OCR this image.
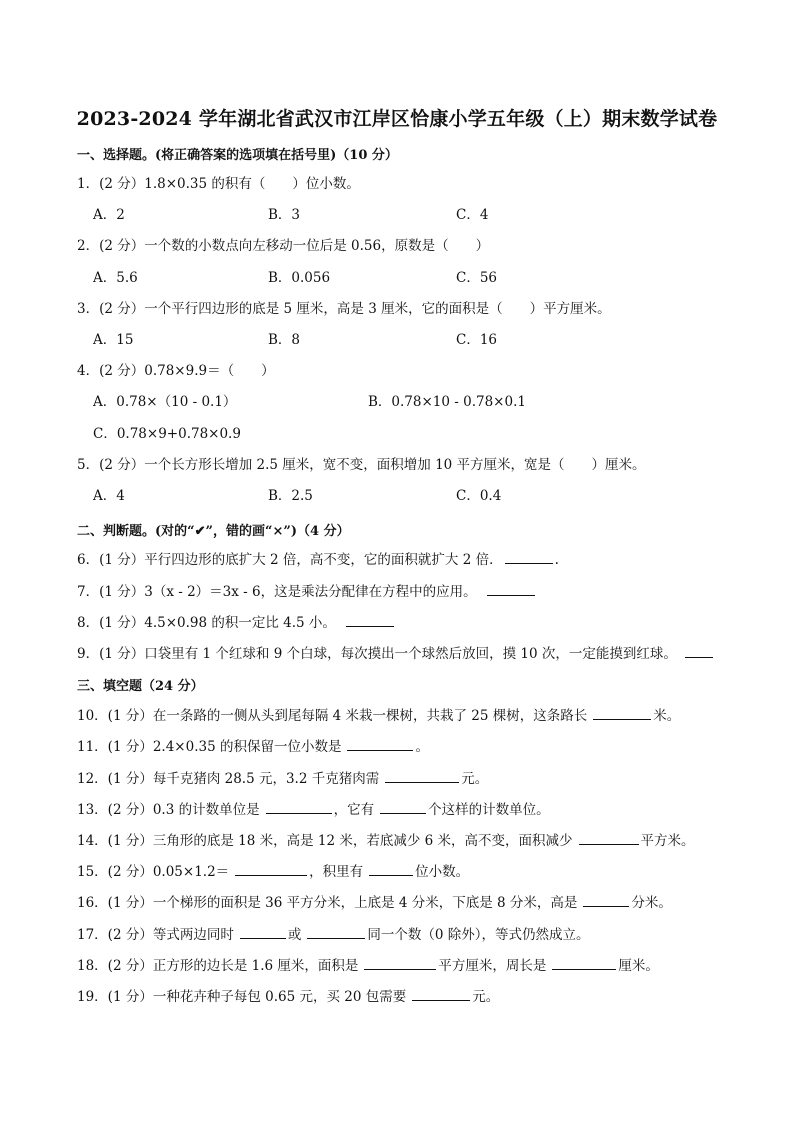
2023-2024 学年湖北省武汉市江岸区恰康小学五年级（上）期末数学试卷
一、选择题。(将正确答案的选项填在括号里)（10 分）
1．(2 分）1.8×0.35 的积有（　　）位小数。
A．2	B．3	C．4
2．(2 分）一个数的小数点向左移动一位后是 0.56，原数是（　　）
A．5.6	B．0.056	C．56
3．(2 分）一个平行四边形的底是 5 厘米，高是 3 厘米，它的面积是（　　）平方厘米。
A．15	B．8	C．16
4．(2 分）0.78×9.9＝（　　）
A．0.78×（10 - 0.1）	B．0.78×10 - 0.78×0.1
C．0.78×9+0.78×0.9
5．(2 分）一个长方形长增加 2.5 厘米，宽不变，面积增加 10 平方厘米，宽是（　　）厘米。
A．4	B．2.5	C．0.4
二、判断题。(对的“✔”，错的画“×”)（4 分）
6．(1 分）平行四边形的底扩大 2 倍，高不变，它的面积就扩大 2 倍．	.
7．(1 分）3（x - 2）＝3x - 6，这是乘法分配律在方程中的应用。
8．(1 分）4.5×0.98 的积一定比 4.5 小。
9．(1 分）口袋里有 1 个红球和 9 个白球，每次摸出一个球然后放回，摸 10 次，一定能摸到红球。
三、填空题（24 分）
10．(1 分）在一条路的一侧从头到尾每隔 4 米栽一棵树，共栽了 25 棵树，这条路长	米。
11．(1 分）2.4×0.35 的积保留一位小数是	。
12．(1 分）每千克猪肉 28.5 元，3.2 千克猪肉需	元。
13．(2 分）0.3 的计数单位是	，它有	个这样的计数单位。
14．(1 分）三角形的底是 18 米，高是 12 米，若底减少 6 米，高不变，面积减少	平方米。
15．(2 分）0.05×1.2＝	，积里有	位小数。
16．(1 分）一个梯形的面积是 36 平方分米，上底是 4 分米，下底是 8 分米，高是	分米。
17．(2 分）等式两边同时	或	同一个数（0 除外），等式仍然成立。
18．(2 分）正方形的边长是 1.6 厘米，面积是	平方厘米，周长是	厘米。
19．(1 分）一种花卉种子每包 0.65 元，买 20 包需要	元。
